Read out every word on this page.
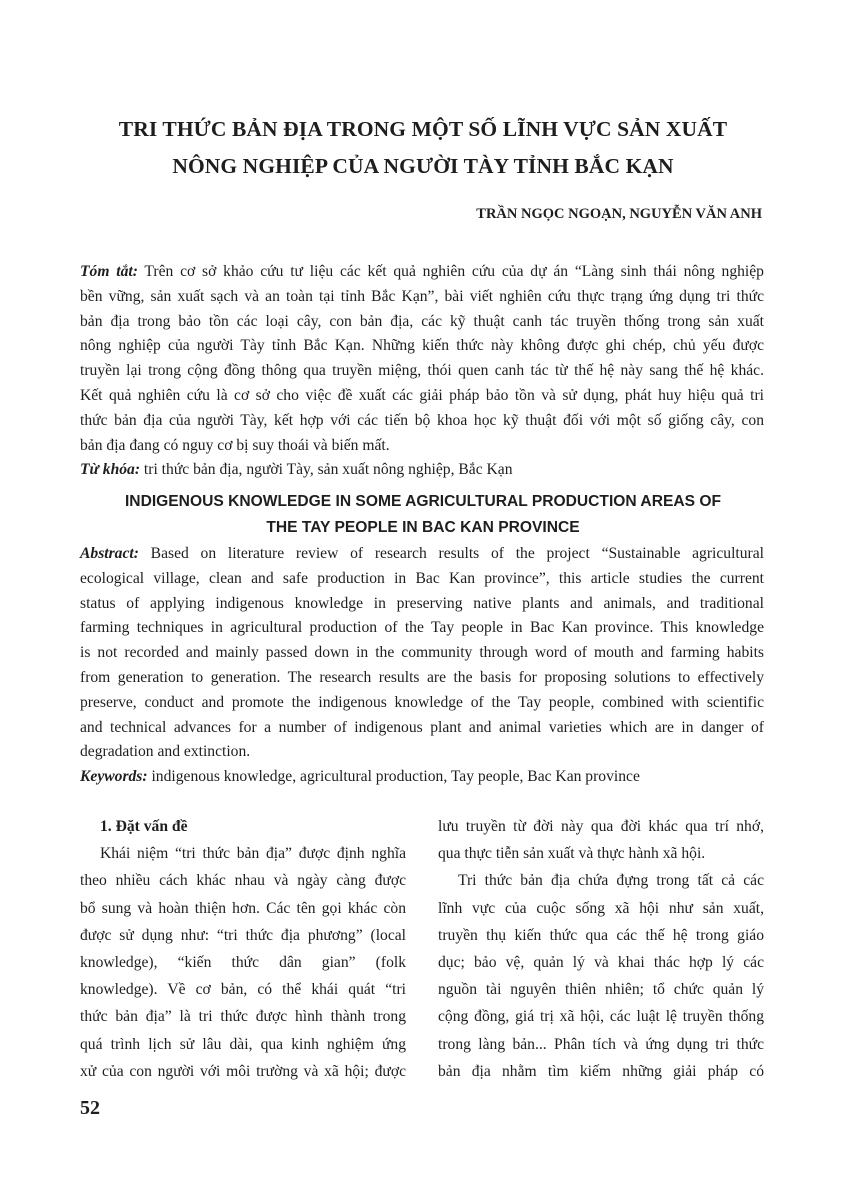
TRI THỨC BẢN ĐỊA TRONG MỘT SỐ LĨNH VỰC SẢN XUẤT
NÔNG NGHIỆP CỦA NGƯỜI TÀY TỈNH BẮC KẠN
TRẦN NGỌC NGOẠN, NGUYỄN VĂN ANH
Tóm tắt: Trên cơ sở khảo cứu tư liệu các kết quả nghiên cứu của dự án “Làng sinh thái nông nghiệp
bền vững, sản xuất sạch và an toàn tại tỉnh Bắc Kạn”, bài viết nghiên cứu thực trạng ứng dụng tri thức
bản địa trong bảo tồn các loại cây, con bản địa, các kỹ thuật canh tác truyền thống trong sản xuất
nông nghiệp của người Tày tỉnh Bắc Kạn. Những kiến thức này không được ghi chép, chủ yếu được
truyền lại trong cộng đồng thông qua truyền miệng, thói quen canh tác từ thế hệ này sang thế hệ khác.
Kết quả nghiên cứu là cơ sở cho việc đề xuất các giải pháp bảo tồn và sử dụng, phát huy hiệu quả tri
thức bản địa của người Tày, kết hợp với các tiến bộ khoa học kỹ thuật đối với một số giống cây, con
bản địa đang có nguy cơ bị suy thoái và biến mất.
Từ khóa: tri thức bản địa, người Tày, sản xuất nông nghiệp, Bắc Kạn
INDIGENOUS KNOWLEDGE IN SOME AGRICULTURAL PRODUCTION AREAS OF
THE TAY PEOPLE IN BAC KAN PROVINCE
Abstract: Based on literature review of research results of the project “Sustainable agricultural
ecological village, clean and safe production in Bac Kan province”, this article studies the current
status of applying indigenous knowledge in preserving native plants and animals, and traditional
farming techniques in agricultural production of the Tay people in Bac Kan province. This knowledge
is not recorded and mainly passed down in the community through word of mouth and farming habits
from generation to generation. The research results are the basis for proposing solutions to effectively
preserve, conduct and promote the indigenous knowledge of the Tay people, combined with scientific
and technical advances for a number of indigenous plant and animal varieties which are in danger of
degradation and extinction.
Keywords: indigenous knowledge, agricultural production, Tay people, Bac Kan province
1. Đặt vấn đề
Khái niệm “tri thức bản địa” được định nghĩa
theo nhiều cách khác nhau và ngày càng được
bổ sung và hoàn thiện hơn. Các tên gọi khác còn
được sử dụng như: “tri thức địa phương” (local
knowledge), “kiến thức dân gian” (folk
knowledge). Về cơ bản, có thể khái quát “tri
thức bản địa” là tri thức được hình thành trong
quá trình lịch sử lâu dài, qua kinh nghiệm ứng
xử của con người với môi trường và xã hội; được
lưu truyền từ đời này qua đời khác qua trí nhớ,
qua thực tiễn sản xuất và thực hành xã hội.
Tri thức bản địa chứa đựng trong tất cả các
lĩnh vực của cuộc sống xã hội như sản xuất,
truyền thụ kiến thức qua các thế hệ trong giáo
dục; bảo vệ, quản lý và khai thác hợp lý các
nguồn tài nguyên thiên nhiên; tổ chức quản lý
cộng đồng, giá trị xã hội, các luật lệ truyền thống
trong làng bản... Phân tích và ứng dụng tri thức
bản địa nhằm tìm kiếm những giải pháp có
52
